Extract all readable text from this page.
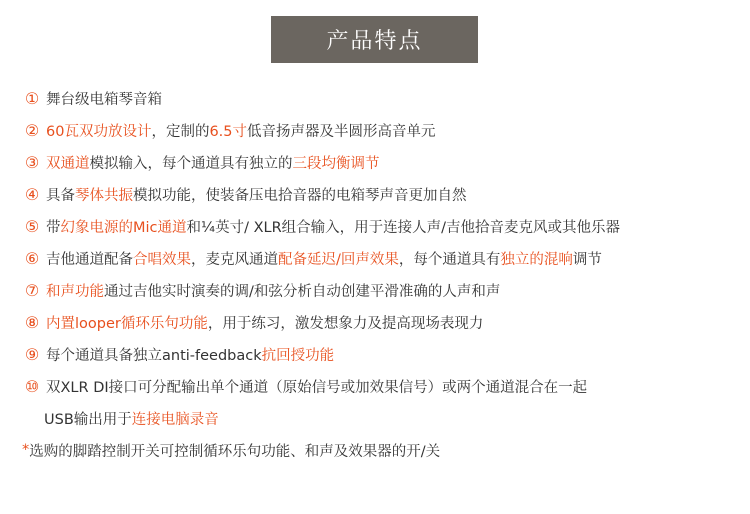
产品特点
① 舞台级电箱琴音箱
② 60瓦双功放设计 ，定制的 6.5寸 低音扬声器及半圆形高音单元
③ 双通道 模拟输入，每个通道具有独立的 三段均衡调节
④ 具备 琴体共振 模拟功能，使装备压电拾音器的电箱琴声音更加自然
⑤ 带 幻象电源的Mic通道 和¼英寸/ XLR组合输入，用于连接人声/吉他拾音麦克风或其他乐器
⑥ 吉他通道配备 合唱效果 ，麦克风通道 配备延迟/回声效果 ，每个通道具有 独立的混响 调节
⑦ 和声功能 通过吉他实时演奏的调/和弦分析自动创建平滑准确的人声和声
⑧ 内置looper循环乐句功能 ，用于练习，激发想象力及提高现场表现力
⑨ 每个通道具备独立anti-feedback 抗回授功能
⑩ 双XLR DI接口可分配输出单个通道（原始信号或加效果信号）或两个通道混合在一起
USB输出用于 连接电脑录音
* 选购的脚踏控制开关可控制循环乐句功能、和声及效果器的开/关
